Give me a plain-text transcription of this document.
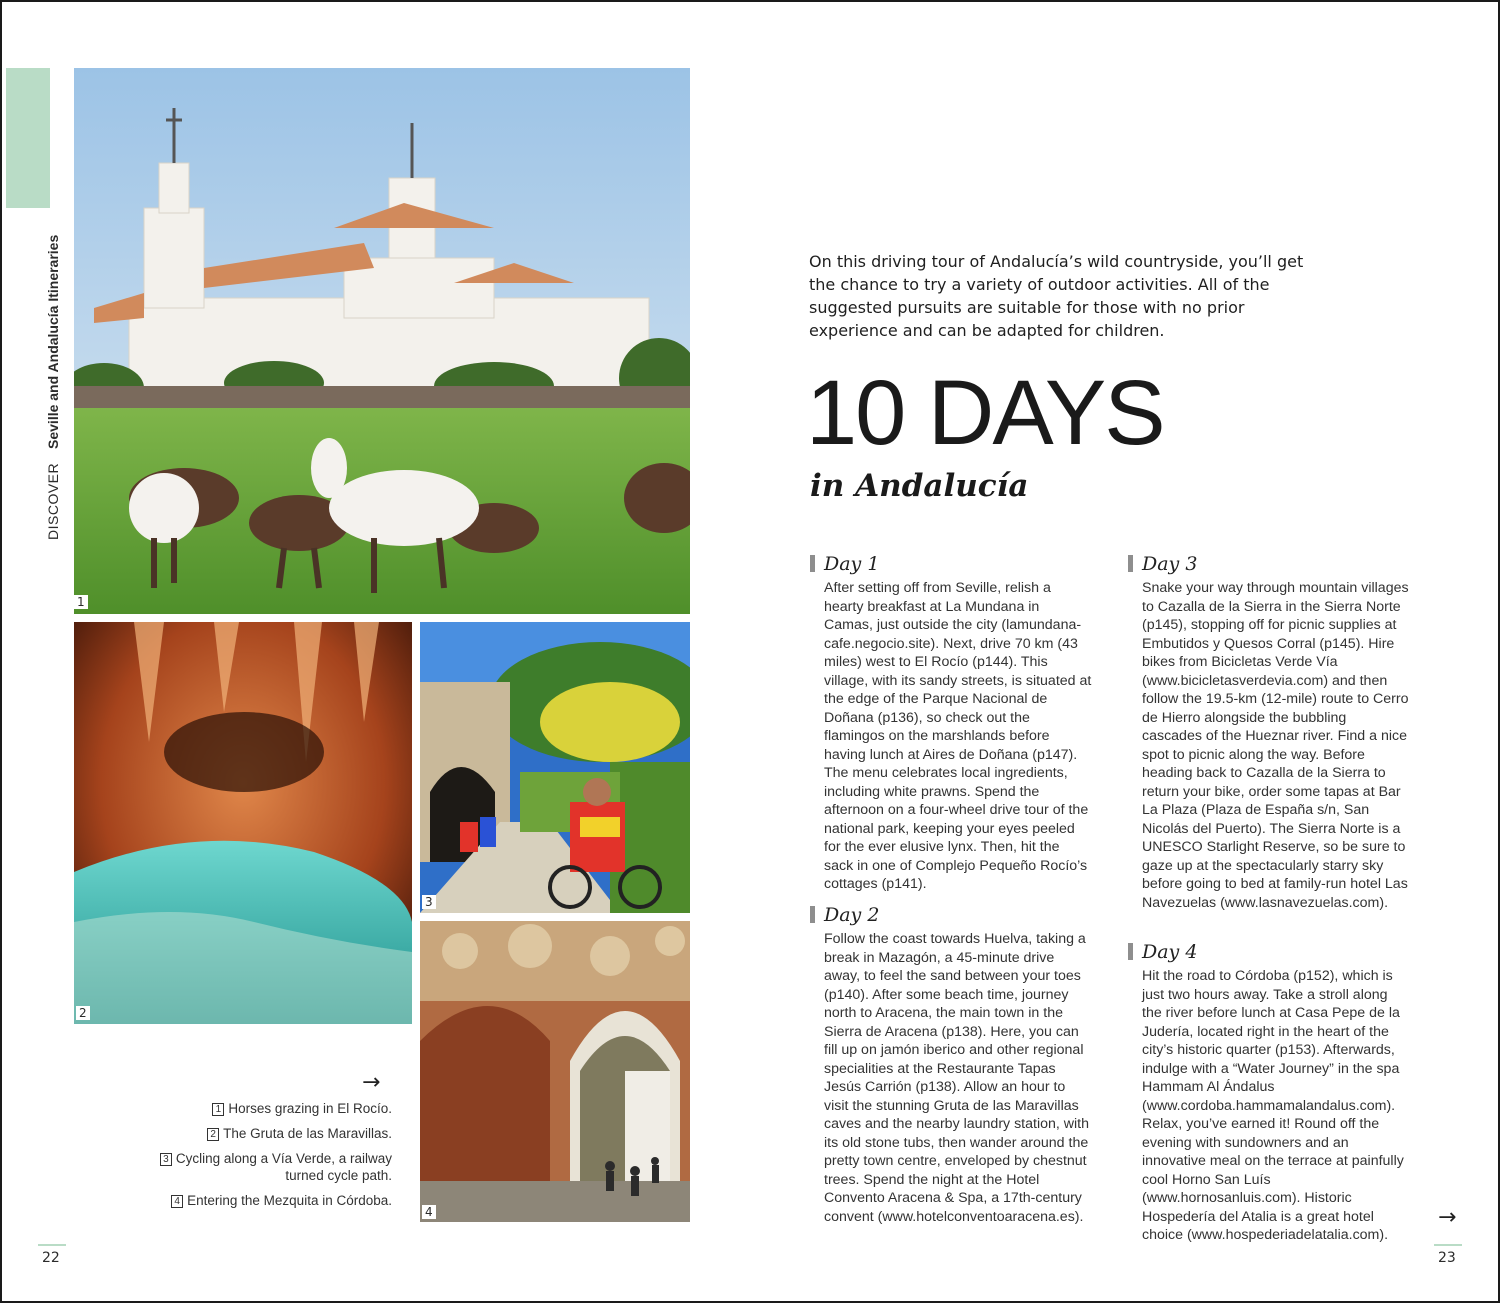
DISCOVER Seville and Andalucía Itineraries
1
2
3
4
→
1 Horses grazing in El Rocío.
2 The Gruta de las Maravillas.
3 Cycling along a Vía Verde, a railway turned cycle path.
4 Entering the Mezquita in Córdoba.
22
On this driving tour of Andalucía’s wild countryside, you’ll get the chance to try a variety of outdoor activities. All of the suggested pursuits are suitable for those with no prior experience and can be adapted for children.
10 DAYS
in Andalucía
Day 1

After setting off from Seville, relish a hearty breakfast at La Mundana in Camas, just outside the city (lamundana-cafe.negocio.site). Next, drive 70 km (43 miles) west to El Rocío (p144). This village, with its sandy streets, is situated at the edge of the Parque Nacional de Doñana (p136), so check out the flamingos on the marshlands before having lunch at Aires de Doñana (p147). The menu celebrates local ingredients, including white prawns. Spend the afternoon on a four-wheel drive tour of the national park, keeping your eyes peeled for the ever elusive lynx. Then, hit the sack in one of Complejo Pequeño Rocío’s cottages (p141).

Day 2

Follow the coast towards Huelva, taking a break in Mazagón, a 45-minute drive away, to feel the sand between your toes (p140). After some beach time, journey north to Aracena, the main town in the Sierra de Aracena (p138). Here, you can fill up on jamón iberico and other regional specialities at the Restaurante Tapas Jesús Carrión (p138). Allow an hour to visit the stunning Gruta de las Maravillas caves and the nearby laundry station, with its old stone tubs, then wander around the pretty town centre, enveloped by chestnut trees. Spend the night at the Hotel Convento Aracena & Spa, a 17th-century convent (www.hotelconventoaracena.es).

Day 3

Snake your way through mountain villages to Cazalla de la Sierra in the Sierra Norte (p145), stopping off for picnic supplies at Embutidos y Quesos Corral (p145). Hire bikes from Bicicletas Verde Vía (www.bicicletasverdevia.com) and then follow the 19.5-km (12-mile) route to Cerro de Hierro alongside the bubbling cascades of the Hueznar river. Find a nice spot to picnic along the way. Before heading back to Cazalla de la Sierra to return your bike, order some tapas at Bar La Plaza (Plaza de España s/n, San Nicolás del Puerto). The Sierra Norte is a UNESCO Starlight Reserve, so be sure to gaze up at the spectacularly starry sky before going to bed at family-run hotel Las Navezuelas (www.lasnavezuelas.com).

Day 4

Hit the road to Córdoba (p152), which is just two hours away. Take a stroll along the river before lunch at Casa Pepe de la Judería, located right in the heart of the city’s historic quarter (p153). Afterwards, indulge with a “Water Journey” in the spa Hammam Al Ándalus (www.cordoba.hammamalandalus.com). Relax, you’ve earned it! Round off the evening with sundowners and an innovative meal on the terrace at painfully cool Horno San Luís (www.hornosanluis.com). Historic Hospedería del Atalia is a great hotel choice (www.hospederiadelatalia.com).

→
23
